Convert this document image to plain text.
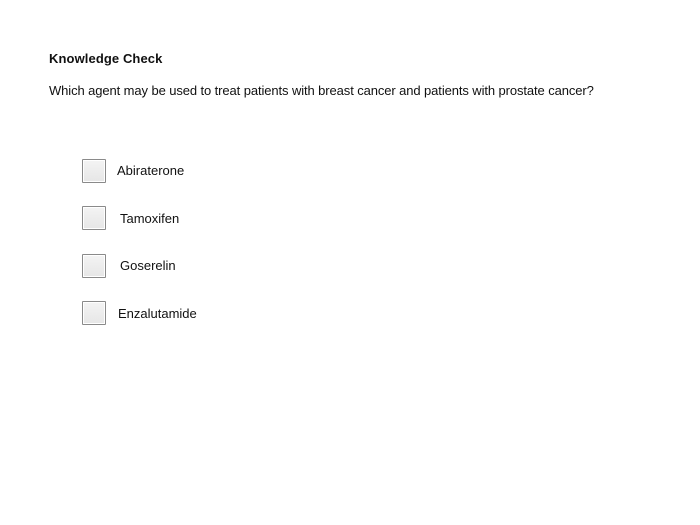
Knowledge Check
Which agent may be used to treat patients with breast cancer and patients with prostate cancer?
Abiraterone
Tamoxifen
Goserelin
Enzalutamide
